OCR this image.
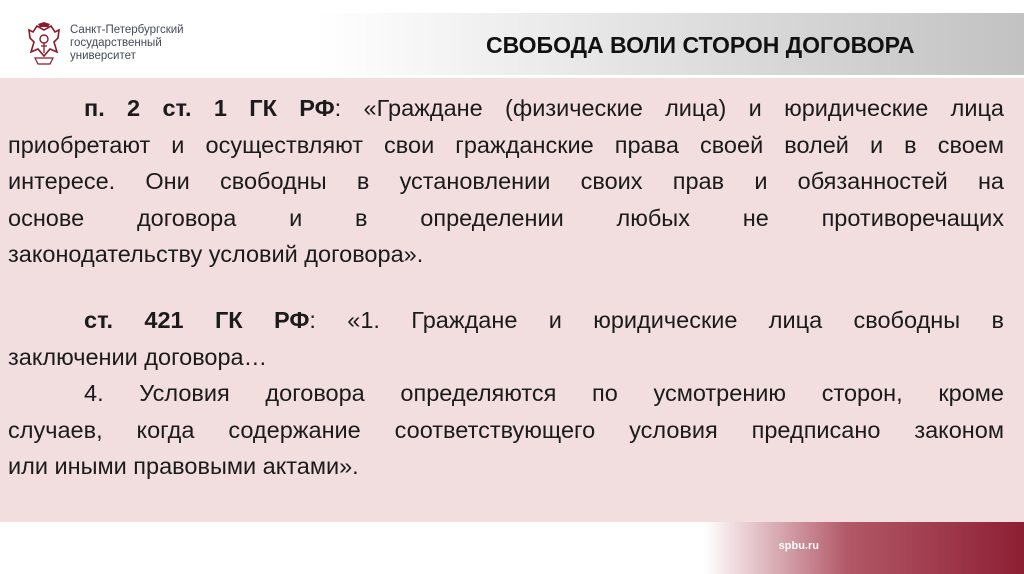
Санкт-Петербургский
государственный
университет	СВОБОДА ВОЛИ СТОРОН ДОГОВОРА

п. 2 ст. 1 ГК РФ: «Граждане (физические лица) и юридические лица
приобретают и осуществляют свои гражданские права своей волей и в своем
интересе. Они свободны в установлении своих прав и обязанностей на
основе договора и в определении любых не противоречащих
законодательству условий договора».

ст. 421 ГК РФ: «1. Граждане и юридические лица свободны в
заключении договора…
4. Условия договора определяются по усмотрению сторон, кроме
случаев, когда содержание соответствующего условия предписано законом
или иными правовыми актами».

spbu.ru
